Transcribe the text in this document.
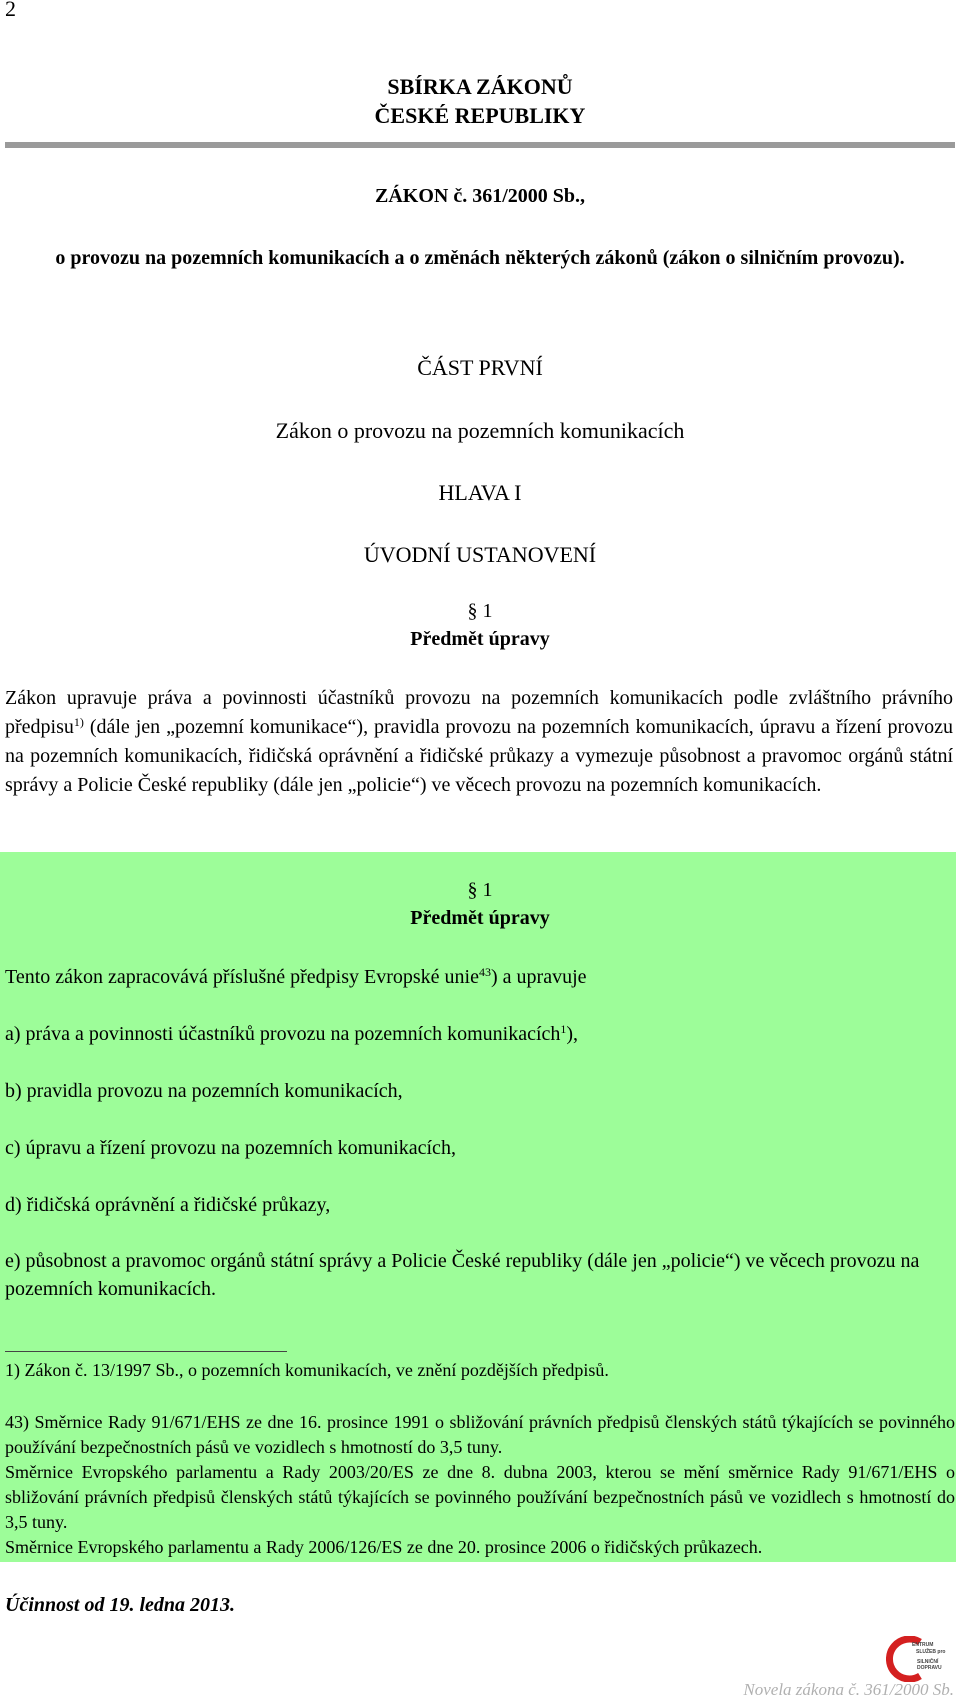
2
SBÍRKA ZÁKONŮ
ČESKÉ REPUBLIKY
ZÁKON č. 361/2000 Sb.,
o provozu na pozemních komunikacích a o změnách některých zákonů (zákon o silničním provozu).
ČÁST PRVNÍ
Zákon o provozu na pozemních komunikacích
HLAVA I
ÚVODNÍ USTANOVENÍ
§ 1
Předmět úpravy
Zákon upravuje práva a povinnosti účastníků provozu na pozemních komunikacích podle zvláštního právního předpisu$^{1)}$ (dále jen „pozemní komunikace“), pravidla provozu na pozemních komunikacích, úpravu a řízení provozu na pozemních komunikacích, řidičská oprávnění a řidičské průkazy a vymezuje působnost a pravomoc orgánů státní správy a Policie České republiky (dále jen „policie“) ve věcech provozu na pozemních komunikacích.
§ 1
Předmět úpravy
Tento zákon zapracovává příslušné předpisy Evropské unie$^{43}$) a upravuje
a) práva a povinnosti účastníků provozu na pozemních komunikacích$^1$),
b) pravidla provozu na pozemních komunikacích,
c) úpravu a řízení provozu na pozemních komunikacích,
d) řidičská oprávnění a řidičské průkazy,
e) působnost a pravomoc orgánů státní správy a Policie České republiky (dále jen „policie“) ve věcech provozu na pozemních komunikacích.
1) Zákon č. 13/1997 Sb., o pozemních komunikacích, ve znění pozdějších předpisů.
43) Směrnice Rady 91/671/EHS ze dne 16. prosince 1991 o sbližování právních předpisů členských států týkajících se povinného používání bezpečnostních pásů ve vozidlech s hmotností do 3,5 tuny.
Směrnice Evropského parlamentu a Rady 2003/20/ES ze dne 8. dubna 2003, kterou se mění směrnice Rady 91/671/EHS o sbližování právních předpisů členských států týkajících se povinného používání bezpečnostních pásů ve vozidlech s hmotností do 3,5 tuny.
Směrnice Evropského parlamentu a Rady 2006/126/ES ze dne 20. prosince 2006 o řidičských průkazech.
Účinnost od 19. ledna 2013.
ENTRUM
SLUŽEB pro
SILNIČNÍ
DOPRAVU
Novela zákona č. 361/2000 Sb.
